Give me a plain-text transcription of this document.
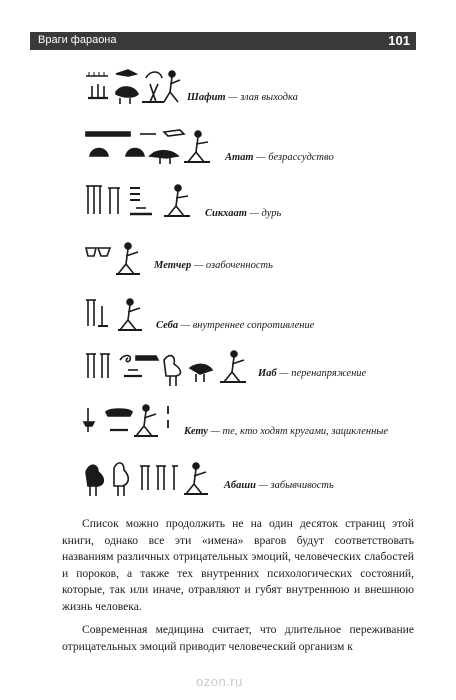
Враги фараона	101
Шафит — злая выходка
Атат — безрассудство
Сикхаат — дурь
Метчер — озабоченность
Себа — внутреннее сопротивление
Иаб — перенапряжение
Кету — те, кто ходят кругами, зацикленные
Абаши — забывчивость

Список можно продолжить не на один десяток страниц этой книги, однако все эти «имена» врагов будут соответствовать названиям различных отрицательных эмоций, человеческих слабостей и пороков, а также тех внутренних психологических состояний, которые, так или иначе, отравляют и губят внутреннюю и внешнюю жизнь человека.

Современная медицина считает, что длительное переживание отрицательных эмоций приводит человеческий организм к

ozon.ru
